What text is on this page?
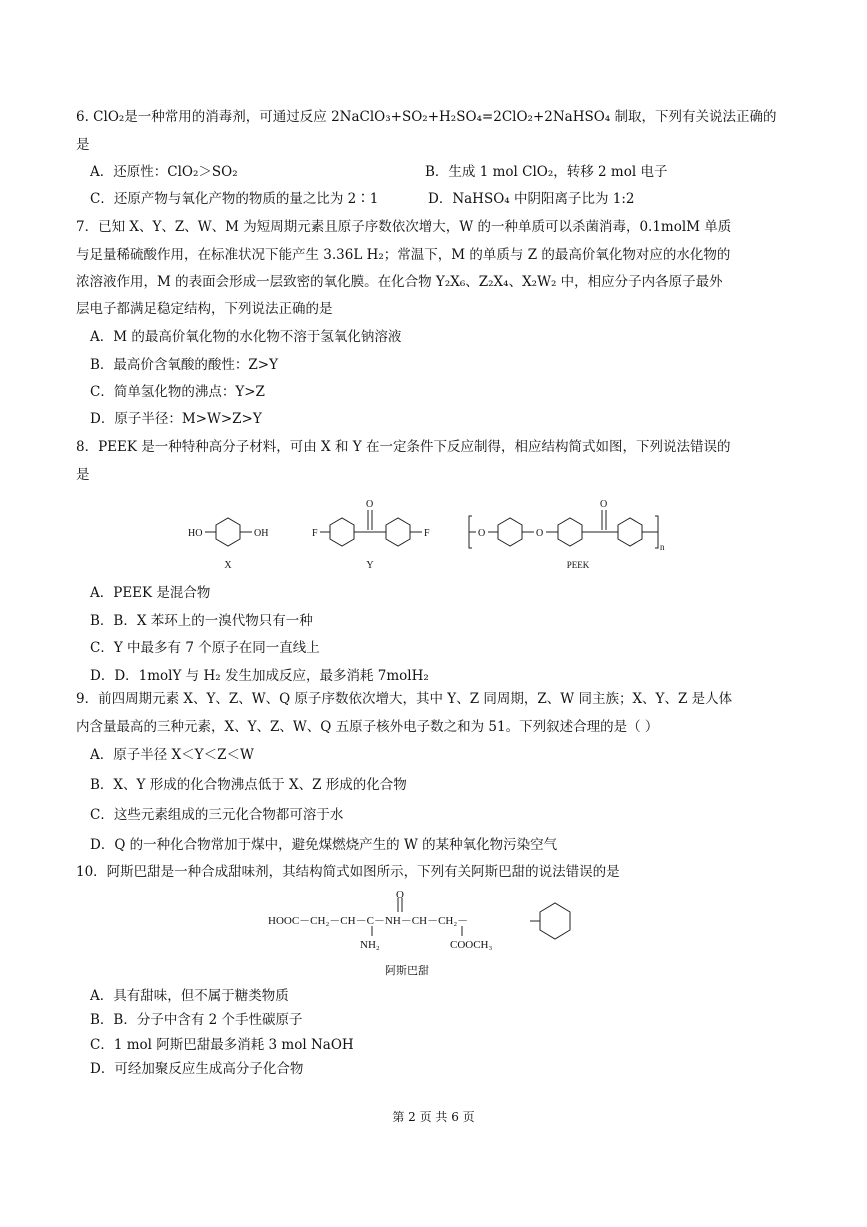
6. ClO₂是一种常用的消毒剂，可通过反应 2NaClO₃+SO₂+H₂SO₄=2ClO₂+2NaHSO₄ 制取，下列有关说法正确的
是
A．还原性：ClO₂＞SO₂	B．生成 1 mol ClO₂，转移 2 mol 电子
C．还原产物与氧化产物的物质的量之比为 2∶1	D．NaHSO₄ 中阴阳离子比为 1:2
7．已知 X、Y、Z、W、M 为短周期元素且原子序数依次增大，W 的一种单质可以杀菌消毒，0.1molM 单质
与足量稀硫酸作用，在标准状况下能产生 3.36L H₂；常温下，M 的单质与 Z 的最高价氧化物对应的水化物的
浓溶液作用，M 的表面会形成一层致密的氧化膜。在化合物 Y₂X₆、Z₂X₄、X₂W₂ 中，相应分子内各原子最外
层电子都满足稳定结构，下列说法正确的是
A．M 的最高价氧化物的水化物不溶于氢氧化钠溶液
B．最高价含氧酸的酸性：Z>Y
C．简单氢化物的沸点：Y>Z
D．原子半径：M>W>Z>Y
8．PEEK 是一种特种高分子材料，可由 X 和 Y 在一定条件下反应制得，相应结构简式如图，下列说法错误的
是
HO	OH
X
F	F
O
Y
O	O
O
n
PEEK
A．PEEK 是混合物
B．B．X 苯环上的一溴代物只有一种
C．Y 中最多有 7 个原子在同一直线上
D．D．1molY 与 H₂ 发生加成反应，最多消耗 7molH₂
9．前四周期元素 X、Y、Z、W、Q 原子序数依次增大，其中 Y、Z 同周期，Z、W 同主族；X、Y、Z 是人体
内含量最高的三种元素，X、Y、Z、W、Q 五原子核外电子数之和为 51。下列叙述合理的是（ ）
A．原子半径 X＜Y＜Z＜W
B．X、Y 形成的化合物沸点低于 X、Z 形成的化合物
C．这些元素组成的三元化合物都可溶于水
D．Q 的一种化合物常加于煤中，避免煤燃烧产生的 W 的某种氧化物污染空气
10．阿斯巴甜是一种合成甜味剂，其结构简式如图所示，下列有关阿斯巴甜的说法错误的是
O
HOOC－CH₂－CH－C－NH－CH－CH₂－
NH₂	COOCH₃
阿斯巴甜
A．具有甜味，但不属于糖类物质
B．B．分子中含有 2 个手性碳原子
C．1 mol 阿斯巴甜最多消耗 3 mol NaOH
D．可经加聚反应生成高分子化合物
第 2 页 共 6 页
